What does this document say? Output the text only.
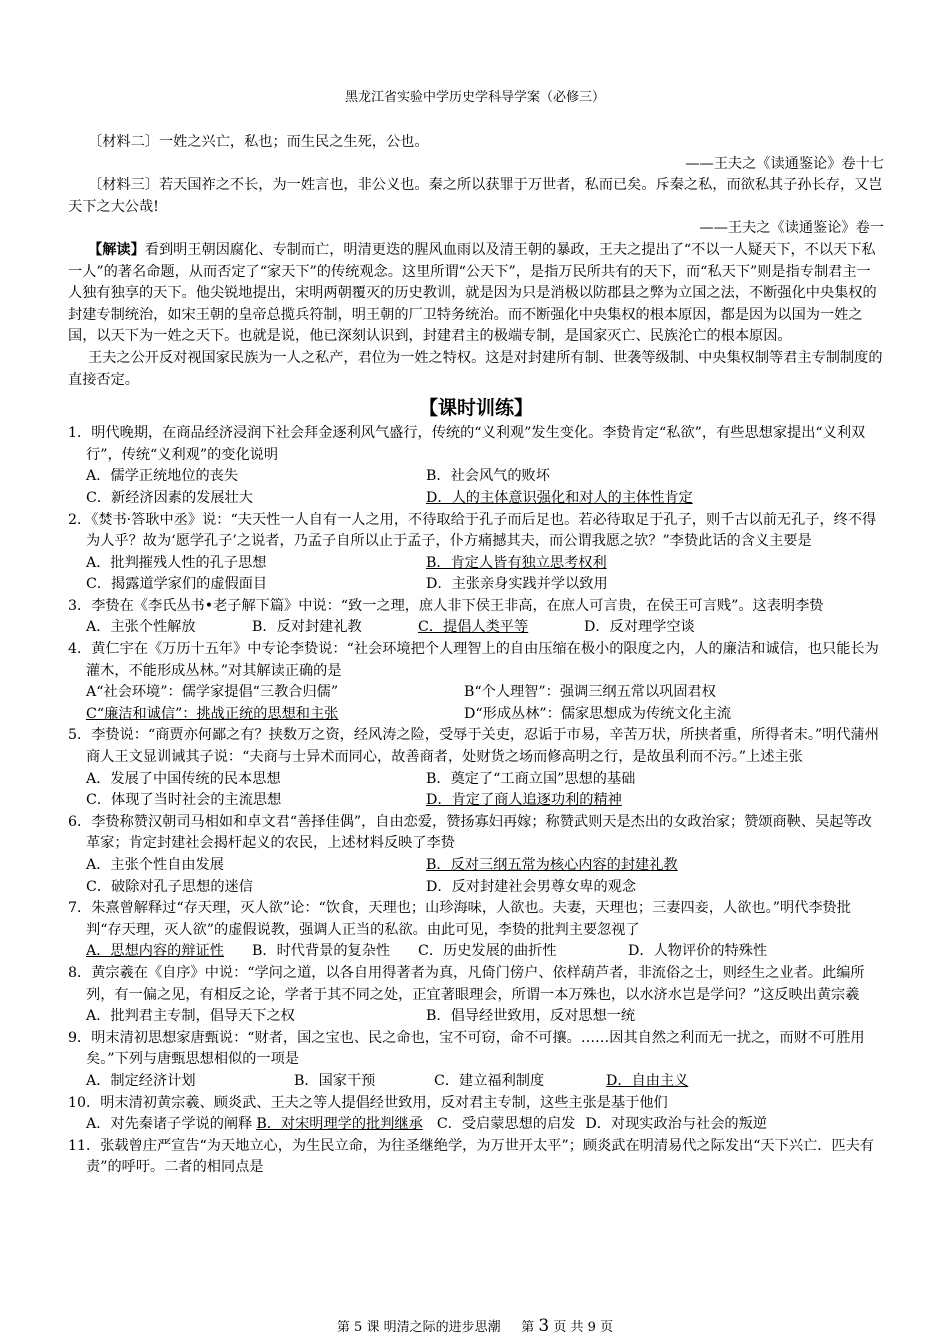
黑龙江省实验中学历史学科导学案（必修三）

〔材料二〕一姓之兴亡，私也；而生民之生死，公也。

——王夫之《读通鉴论》卷十七

〔材料三〕若天国祚之不长，为一姓言也，非公义也。秦之所以获罪于万世者，私而已矣。斥秦之私，而欲私其子孙长存，又岂天下之大公哉!

——王夫之《读通鉴论》卷一

【解读】看到明王朝因腐化、专制而亡，明清更迭的腥风血雨以及清王朝的暴政，王夫之提出了“不以一人疑天下，不以天下私一人”的著名命题，从而否定了“家天下”的传统观念。这里所谓“公天下”，是指万民所共有的天下，而“私天下”则是指专制君主一人独有独享的天下。他尖锐地提出，宋明两朝覆灭的历史教训，就是因为只是消极以防郡县之弊为立国之法，不断强化中央集权的封建专制统治，如宋王朝的皇帝总揽兵符制，明王朝的厂卫特务统治。而不断强化中央集权的根本原因，都是因为以国为一姓之国，以天下为一姓之天下。也就是说，他已深刻认识到，封建君主的极端专制，是国家灭亡、民族沦亡的根本原因。

王夫之公开反对视国家民族为一人之私产，君位为一姓之特权。这是对封建所有制、世袭等级制、中央集权制等君主专制制度的直接否定。

【课时训练】

1．明代晚期，在商品经济浸润下社会拜金逐利风气盛行，传统的“义利观”发生变化。李贽肯定“私欲”，有些思想家提出“义利双行”，传统“义利观”的变化说明

A．儒学正统地位的丧失	B．社会风气的败坏
C．新经济因素的发展壮大	D．人的主体意识强化和对人的主体性肯定

2．《焚书·答耿中丞》说：“夫天性一人自有一人之用，不待取给于孔子而后足也。若必待取足于孔子，则千古以前无孔子，终不得为人乎？故为‘愿学孔子’之说者，乃孟子自所以止于孟子，仆方痛撼其夫，而公谓我愿之欤？”李贽此话的含义主要是

A．批判摧残人性的孔子思想	B．肯定人皆有独立思考权利
C．揭露道学家们的虚假面目	D．主张亲身实践并学以致用

3．李贽在《李氏丛书•老子解下篇》中说：“致一之理，庶人非下侯王非高，在庶人可言贵，在侯王可言贱”。这表明李贽

A．主张个性解放	B．反对封建礼教	C．提倡人类平等	D．反对理学空谈

4．黄仁宇在《万历十五年》中专论李贽说：“社会环境把个人理智上的自由压缩在极小的限度之内，人的廉洁和诚信，也只能长为灌木，不能形成丛林。”对其解读正确的是

A“社会环境”：儒学家提倡“三教合归儒”	B“个人理智”：强调三纲五常以巩固君权
C“廉洁和诚信”：挑战正统的思想和主张	D“形成丛林”：儒家思想成为传统文化主流

5．李贽说：“商贾亦何鄙之有？挟数万之资，经风涛之险，受辱于关吏，忍诟于市易，辛苦万状，所挟者重，所得者末。”明代蒲州商人王文显训诫其子说：“夫商与士异术而同心，故善商者，处财货之场而修高明之行，是故虽利而不污。”上述主张

A．发展了中国传统的民本思想	B．奠定了“工商立国”思想的基础
C．体现了当时社会的主流思想	D．肯定了商人追逐功利的精神

6．李贽称赞汉朝司马相如和卓文君“善择佳偶”，自由恋爱，赞扬寡妇再嫁；称赞武则天是杰出的女政治家；赞颂商鞅、吴起等改革家；肯定封建社会揭杆起义的农民，上述材料反映了李贽

A．主张个性自由发展	B．反对三纲五常为核心内容的封建礼教
C．破除对孔子思想的迷信	D．反对封建社会男尊女卑的观念

7．朱熹曾解释过“存天理，灭人欲”论：“饮食，天理也；山珍海味，人欲也。夫妻，天理也；三妻四妾，人欲也。”明代李贽批判“存天理，灭人欲”的虚假说教，强调人正当的私欲。由此可见，李贽的批判主要忽视了

A．思想内容的辩证性	B．时代背景的复杂性	C．历史发展的曲折性	D．人物评价的特殊性

8．黄宗羲在《自序》中说：“学问之道，以各自用得著者为真，凡倚门傍户、依样葫芦者，非流俗之士，则经生之业者。此编所列，有一偏之见，有相反之论，学者于其不同之处，正宜著眼理会，所谓一本万殊也，以水济水岂是学问？”这反映出黄宗羲

A．批判君主专制，倡导天下之权	B．倡导经世致用，反对思想一统

9．明末清初思想家唐甄说：“财者，国之宝也、民之命也，宝不可窃，命不可攘。……因其自然之利而无一扰之，而财不可胜用矣。”下列与唐甄思想相似的一项是

A．制定经济计划	B．国家干预	C．建立福利制度	D．自由主义

10．明末清初黄宗羲、顾炎武、王夫之等人提倡经世致用，反对君主专制，这些主张是基于他们

A．对先秦诸子学说的阐释 B．对宋明理学的批判继承 C．受启蒙思想的启发 D．对现实政治与社会的叛逆

11．张载曾庄严宣告“为天地立心，为生民立命，为往圣继绝学，为万世开太平”；顾炎武在明清易代之际发出“天下兴亡．匹夫有责”的呼吁。二者的相同点是

第 5 课 明清之际的进步思潮 第 3 页 共 9 页
